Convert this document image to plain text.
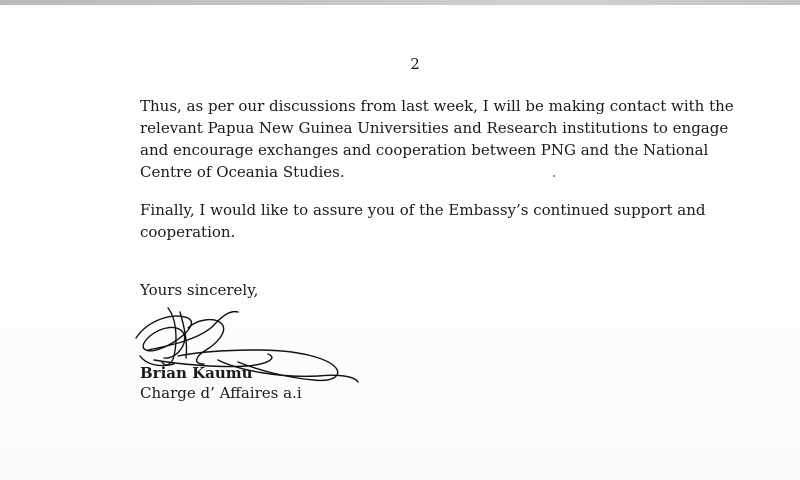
2

Thus, as per our discussions from last week, I will be making contact with the
relevant Papua New Guinea Universities and Research institutions to engage
and encourage exchanges and cooperation between PNG and the National
Centre of Oceania Studies.

Finally, I would like to assure you of the Embassy’s continued support and
cooperation.

Yours sincerely,
Brian Kaumu
Charge d’ Affaires a.i
